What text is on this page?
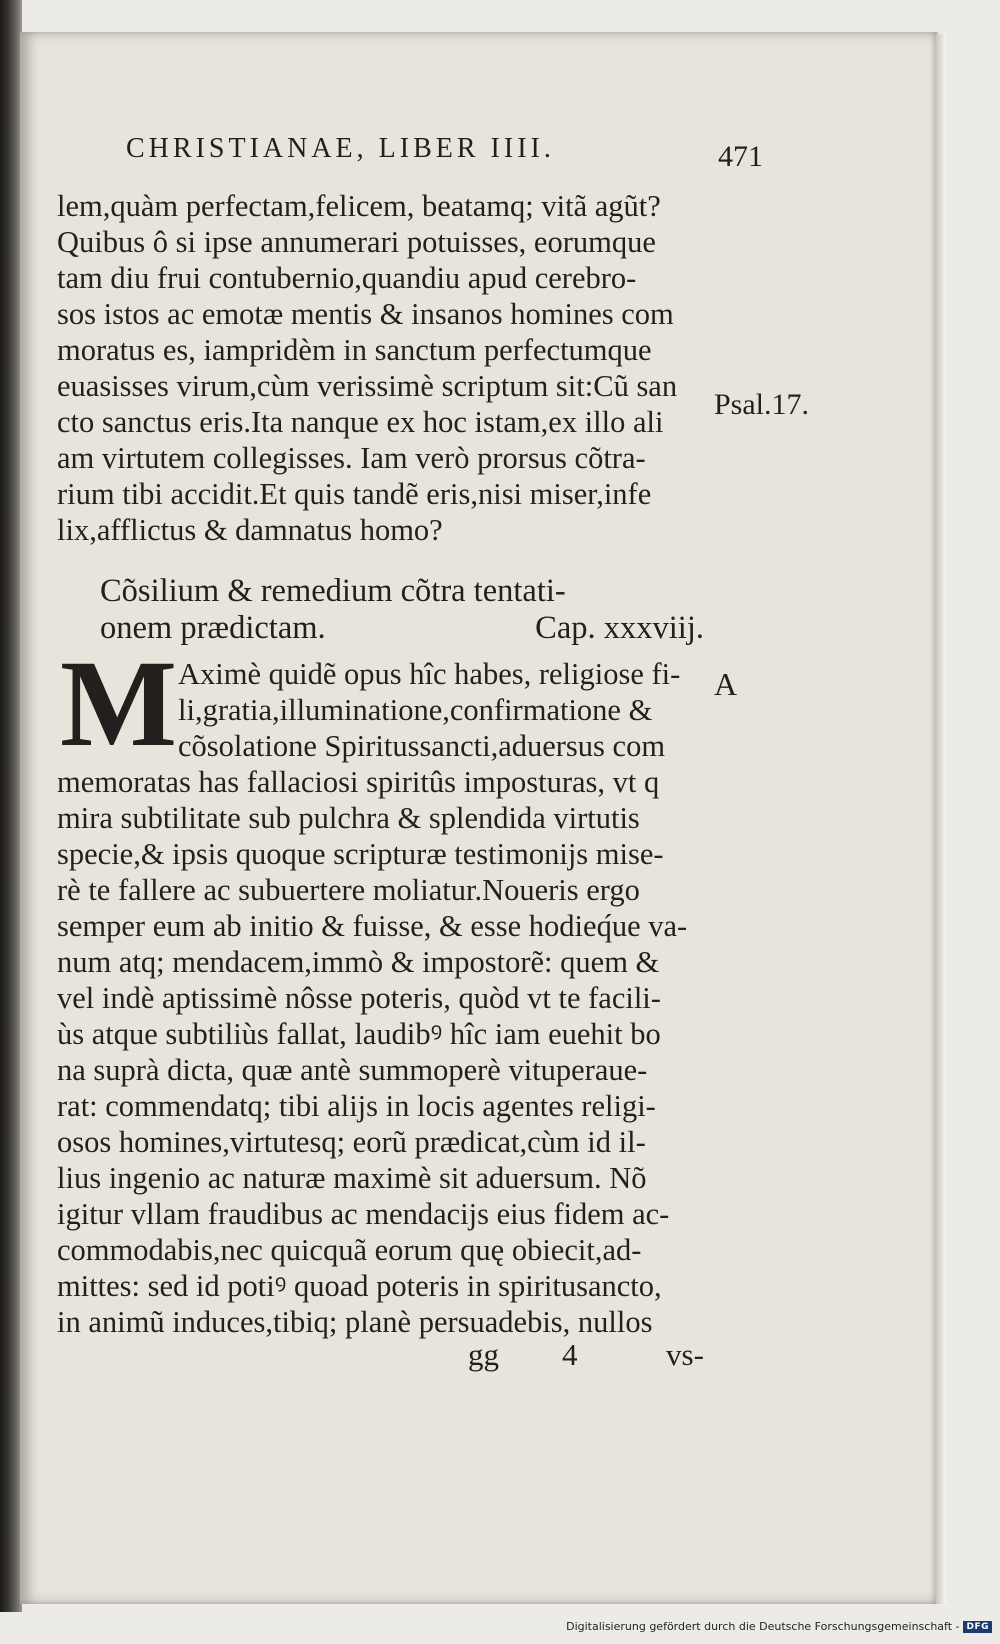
CHRISTIANAE, LIBER IIII.	471
lem,quàm perfectam,felicem, beatamq; vitã agũt?
Quibus ô si ipse annumerari potuisses, eorumque
tam diu frui contubernio,quandiu apud cerebro-
sos istos ac emotæ mentis & insanos homines com
moratus es, iampridèm in sanctum perfectumque
euasisses virum,cùm verissimè scriptum sit:Cũ san
cto sanctus eris.Ita nanque ex hoc istam,ex illo ali
am virtutem collegisses. Iam verò prorsus cõtra-
rium tibi accidit.Et quis tandẽ eris,nisi miser,infe
lix,afflictus & damnatus homo?
Psal.17.
Cõsilium & remedium cõtra tentati-
onem prædictam.	Cap. xxxviij.
M	A
Aximè quidẽ opus hîc habes, religiose fi-
li,gratia,illuminatione,confirmatione &
cõsolatione Spiritussancti,aduersus com
memoratas has fallaciosi spiritûs imposturas, vt q
mira subtilitate sub pulchra & splendida virtutis
specie,& ipsis quoque scripturæ testimonijs mise-
rè te fallere ac subuertere moliatur.Noueris ergo
semper eum ab initio & fuisse, & esse hodieq́ue va-
num atq; mendacem,immò & impostorẽ: quem &
vel indè aptissimè nôsse poteris, quòd vt te facili-
ùs atque subtiliùs fallat, laudibꝰ hîc iam euehit bo
na suprà dicta, quæ antè summoperè vituperaue-
rat: commendatq; tibi alijs in locis agentes religi-
osos homines,virtutesq; eorũ prædicat,cùm id il-
lius ingenio ac naturæ maximè sit aduersum. Nõ
igitur vllam fraudibus ac mendacijs eius fidem ac-
commodabis,nec quicquã eorum quę obiecit,ad-
mittes: sed id potiꝰ quoad poteris in spiritusancto,
in animũ induces,tibiq; planè persuadebis, nullos
gg 4	vs-
Digitalisierung gefördert durch die Deutsche Forschungsgemeinschaft - DFG
